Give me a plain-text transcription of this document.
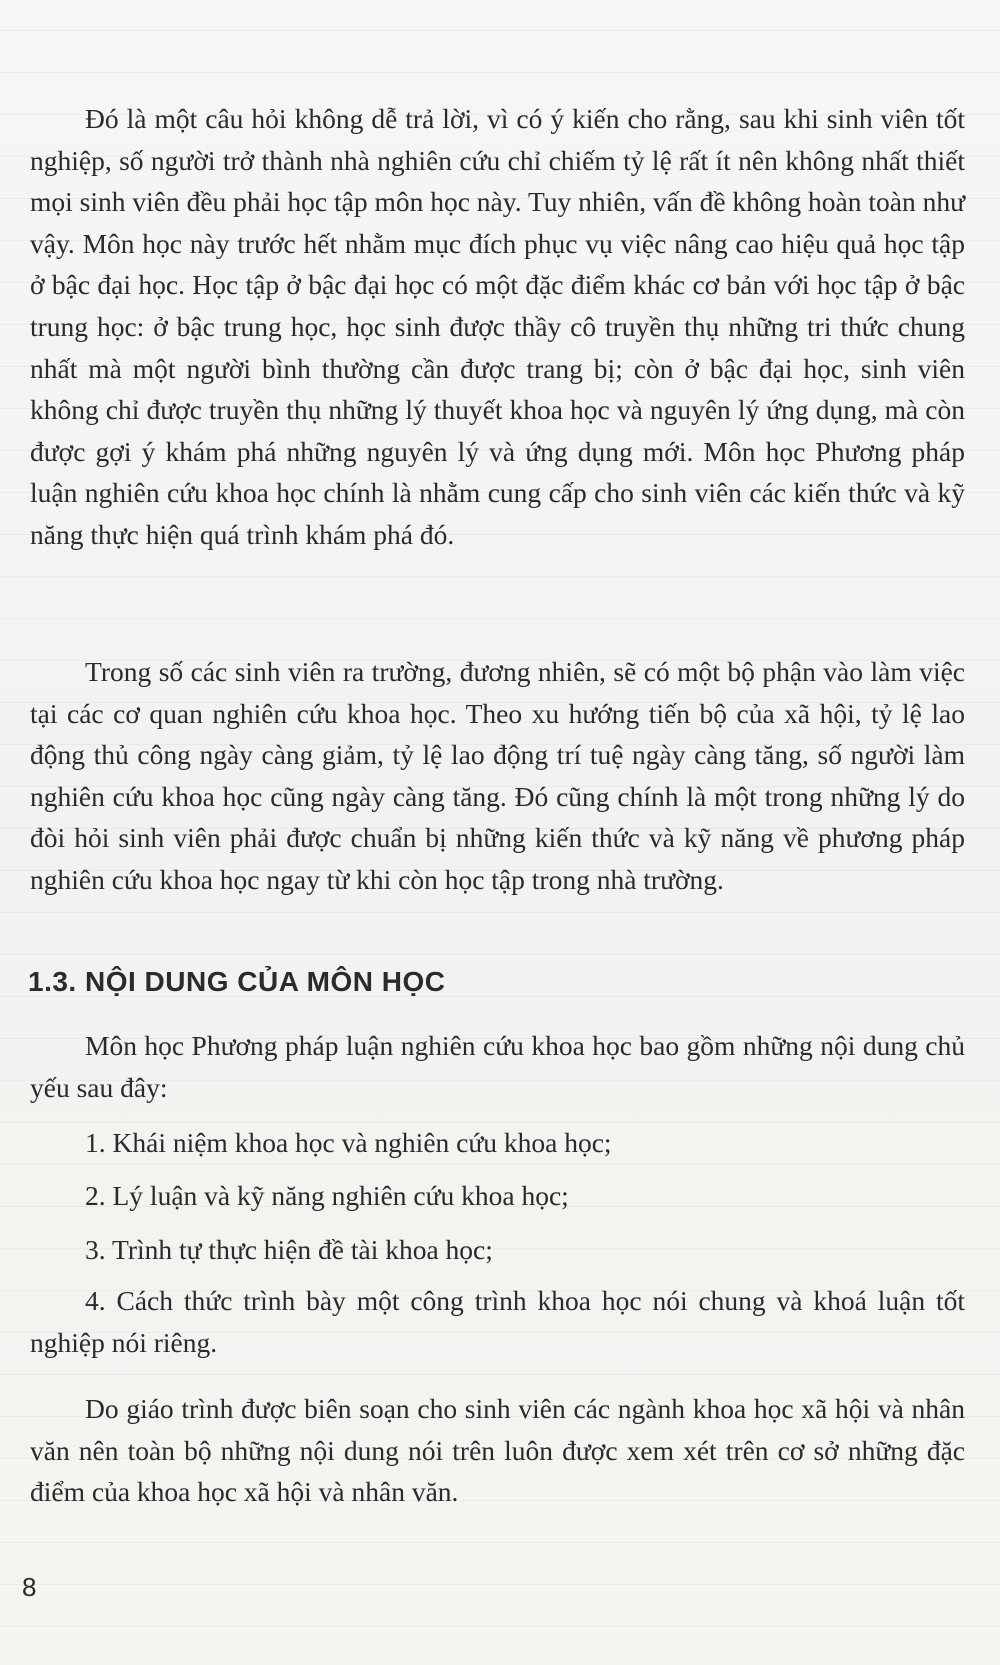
Đó là một câu hỏi không dễ trả lời, vì có ý kiến cho rằng, sau khi sinh viên tốt nghiệp, số người trở thành nhà nghiên cứu chỉ chiếm tỷ lệ rất ít nên không nhất thiết mọi sinh viên đều phải học tập môn học này. Tuy nhiên, vấn đề không hoàn toàn như vậy. Môn học này trước hết nhằm mục đích phục vụ việc nâng cao hiệu quả học tập ở bậc đại học. Học tập ở bậc đại học có một đặc điểm khác cơ bản với học tập ở bậc trung học: ở bậc trung học, học sinh được thầy cô truyền thụ những tri thức chung nhất mà một người bình thường cần được trang bị; còn ở bậc đại học, sinh viên không chỉ được truyền thụ những lý thuyết khoa học và nguyên lý ứng dụng, mà còn được gợi ý khám phá những nguyên lý và ứng dụng mới. Môn học Phương pháp luận nghiên cứu khoa học chính là nhằm cung cấp cho sinh viên các kiến thức và kỹ năng thực hiện quá trình khám phá đó.

Trong số các sinh viên ra trường, đương nhiên, sẽ có một bộ phận vào làm việc tại các cơ quan nghiên cứu khoa học. Theo xu hướng tiến bộ của xã hội, tỷ lệ lao động thủ công ngày càng giảm, tỷ lệ lao động trí tuệ ngày càng tăng, số người làm nghiên cứu khoa học cũng ngày càng tăng. Đó cũng chính là một trong những lý do đòi hỏi sinh viên phải được chuẩn bị những kiến thức và kỹ năng về phương pháp nghiên cứu khoa học ngay từ khi còn học tập trong nhà trường.

1.3. NỘI DUNG CỦA MÔN HỌC

Môn học Phương pháp luận nghiên cứu khoa học bao gồm những nội dung chủ yếu sau đây:

1. Khái niệm khoa học và nghiên cứu khoa học;
2. Lý luận và kỹ năng nghiên cứu khoa học;
3. Trình tự thực hiện đề tài khoa học;
4. Cách thức trình bày một công trình khoa học nói chung và khoá luận tốt nghiệp nói riêng.

Do giáo trình được biên soạn cho sinh viên các ngành khoa học xã hội và nhân văn nên toàn bộ những nội dung nói trên luôn được xem xét trên cơ sở những đặc điểm của khoa học xã hội và nhân văn.

8
